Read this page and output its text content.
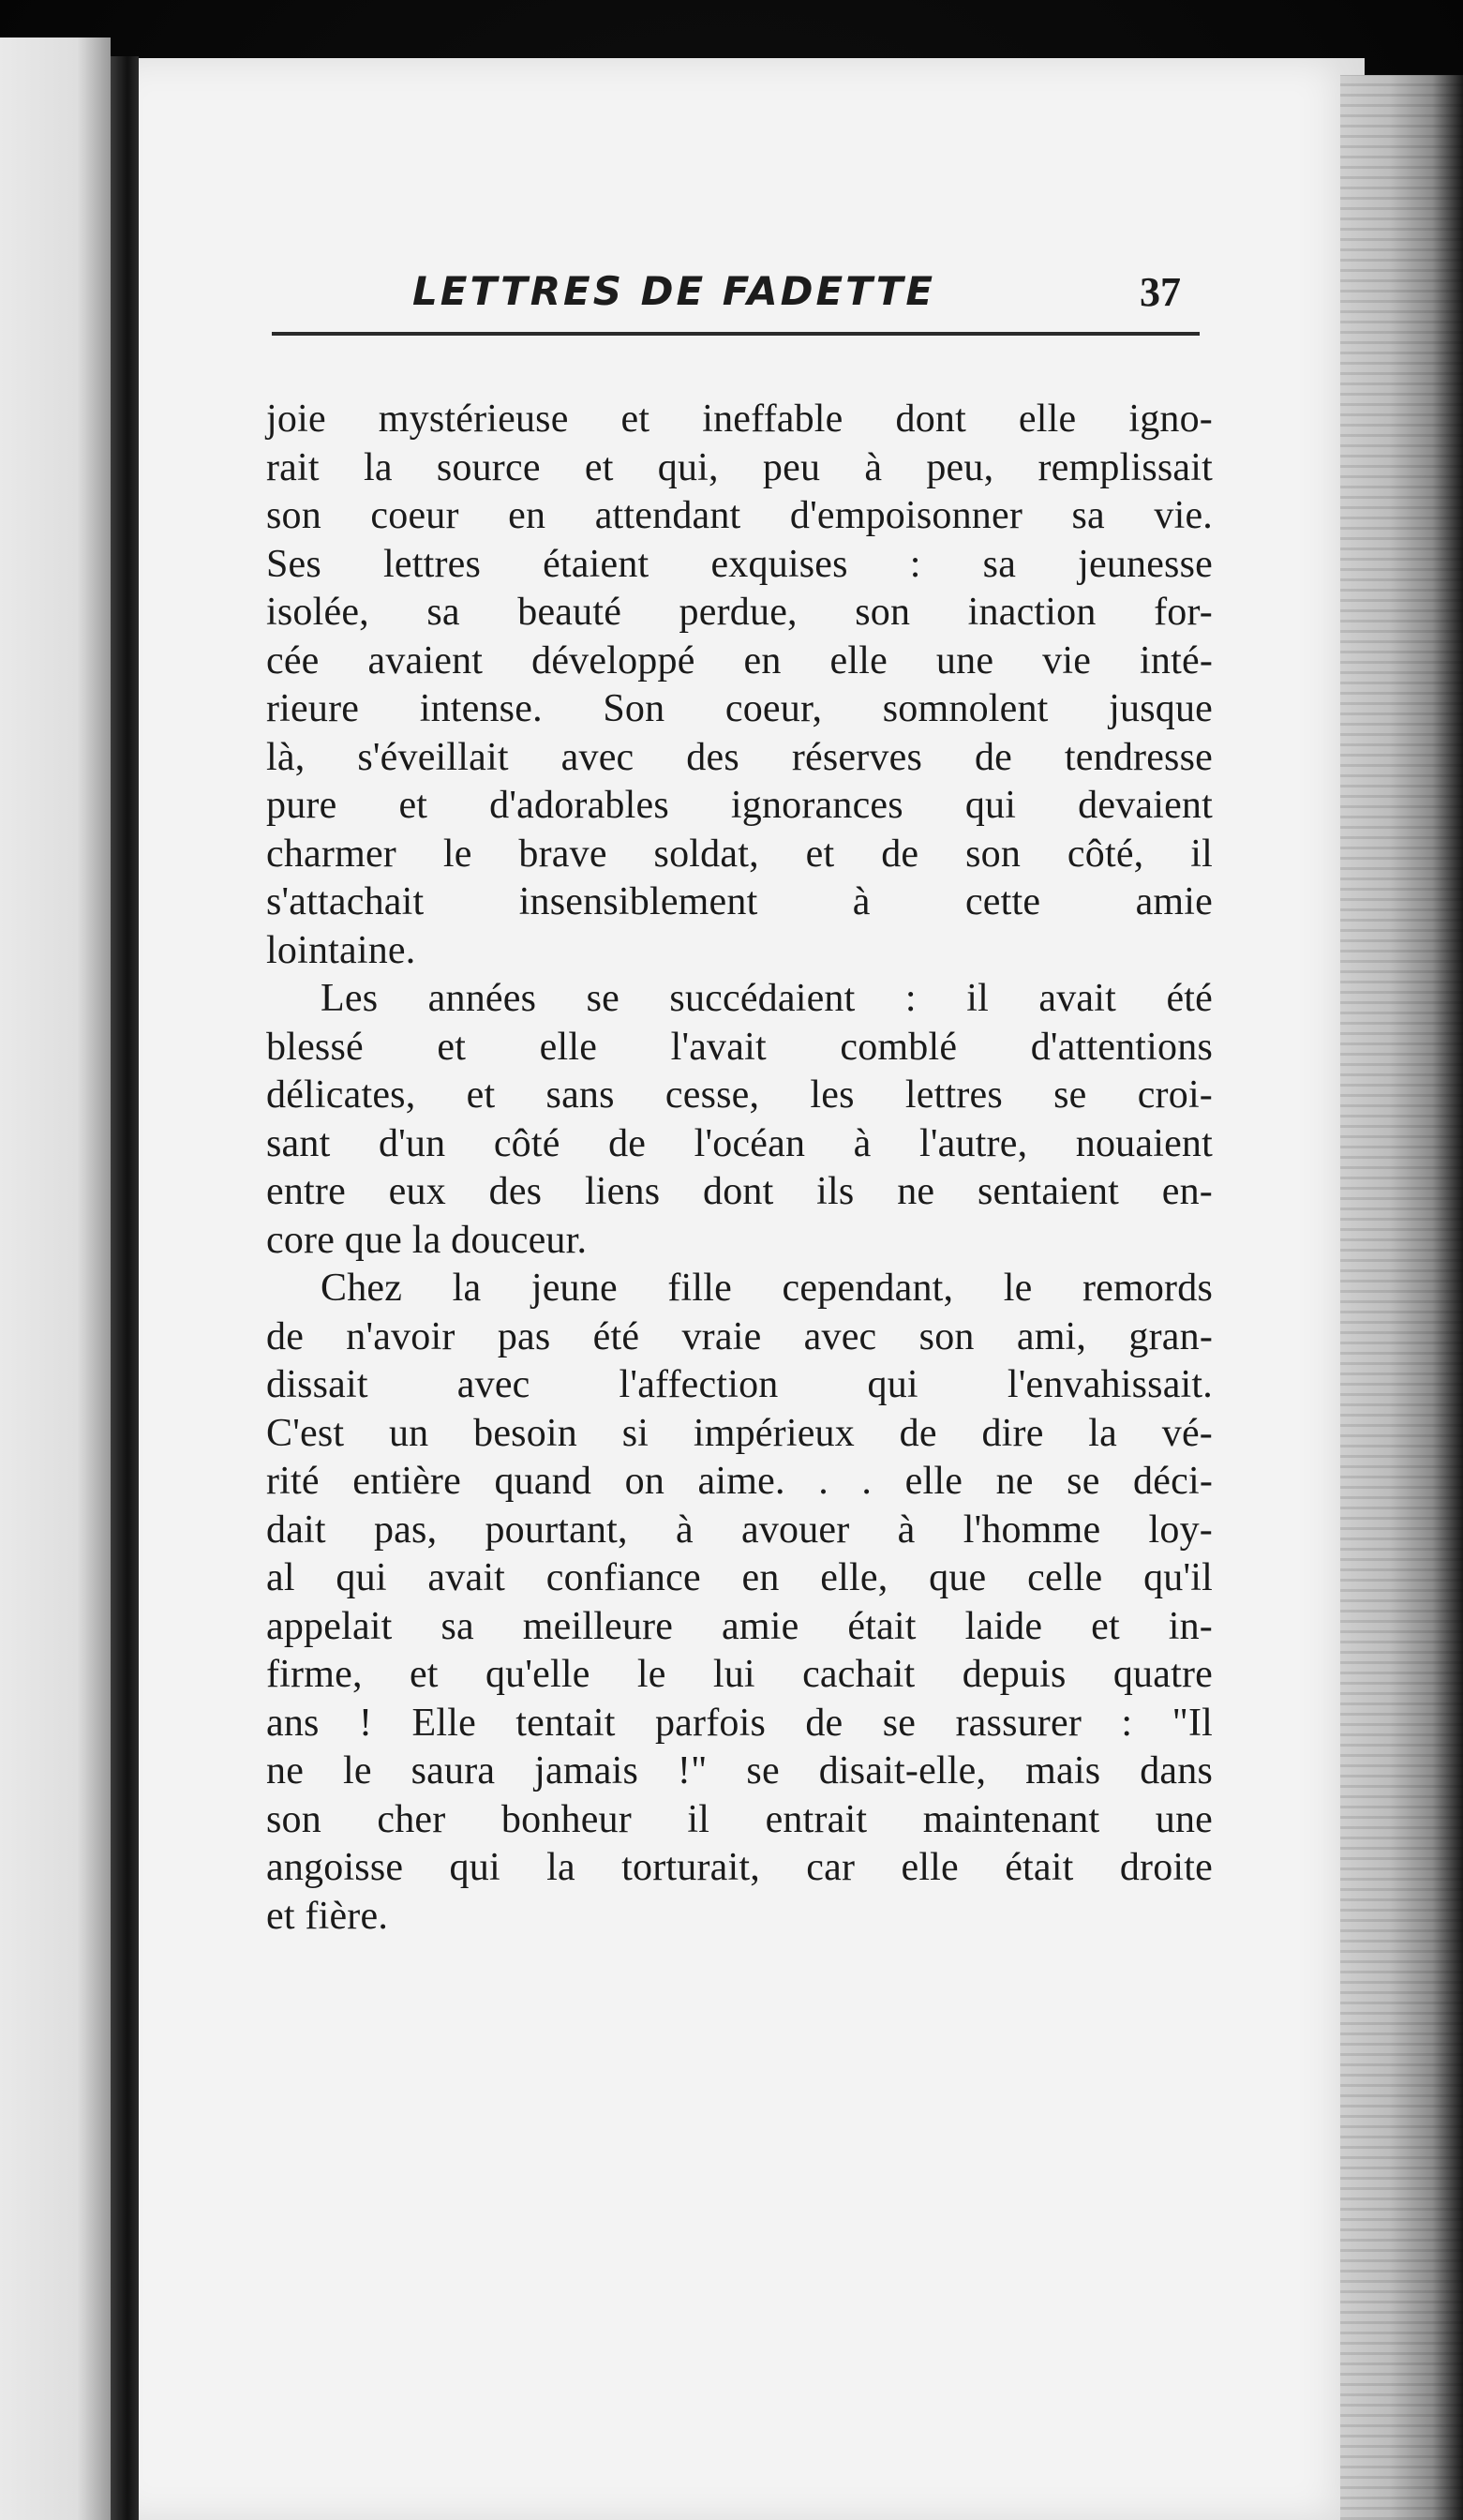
LETTRES DE FADETTE	37
joie mystérieuse et ineffable dont elle igno-
rait la source et qui, peu à peu, remplissait
son coeur en attendant d'empoisonner sa vie.
Ses lettres étaient exquises : sa jeunesse
isolée, sa beauté perdue, son inaction for-
cée avaient développé en elle une vie inté-
rieure intense. Son coeur, somnolent jusque
là, s'éveillait avec des réserves de tendresse
pure et d'adorables ignorances qui devaient
charmer le brave soldat, et de son côté, il
s'attachait insensiblement à cette amie
lointaine.
Les années se succédaient : il avait été
blessé et elle l'avait comblé d'attentions
délicates, et sans cesse, les lettres se croi-
sant d'un côté de l'océan à l'autre, nouaient
entre eux des liens dont ils ne sentaient en-
core que la douceur.
Chez la jeune fille cependant, le remords
de n'avoir pas été vraie avec son ami, gran-
dissait avec l'affection qui l'envahissait.
C'est un besoin si impérieux de dire la vé-
rité entière quand on aime. . . elle ne se déci-
dait pas, pourtant, à avouer à l'homme loy-
al qui avait confiance en elle, que celle qu'il
appelait sa meilleure amie était laide et in-
firme, et qu'elle le lui cachait depuis quatre
ans ! Elle tentait parfois de se rassurer : "Il
ne le saura jamais !" se disait-elle, mais dans
son cher bonheur il entrait maintenant une
angoisse qui la torturait, car elle était droite
et fière.
